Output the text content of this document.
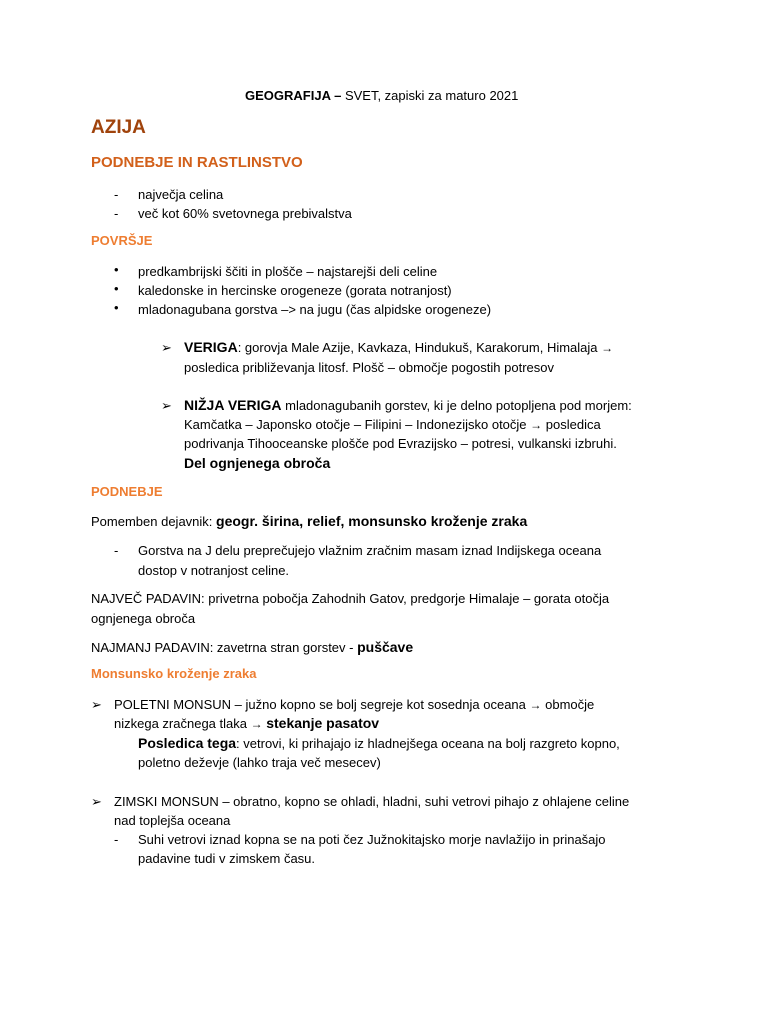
GEOGRAFIJA – SVET, zapiski za maturo 2021
AZIJA
PODNEBJE IN RASTLINSTVO
- največja celina
- več kot 60% svetovnega prebivalstva
POVRŠJE
• predkambrijski ščiti in plošče – najstarejši deli celine
• kaledonske in hercinske orogeneze (gorata notranjost)
• mladonagubana gorstva –> na jugu (čas alpidske orogeneze)
➢ VERIGA: gorovja Male Azije, Kavkaza, Hindukuš, Karakorum, Himalaja →
posledica približevanja litosf. Plošč – območje pogostih potresov
➢ NIŽJA VERIGA mladonagubanih gorstev, ki je delno potopljena pod morjem:
Kamčatka – Japonsko otočje – Filipini – Indonezijsko otočje → posledica
podrivanja Tihooceanske plošče pod Evrazijsko – potresi, vulkanski izbruhi.
Del ognjenega obroča
PODNEBJE
Pomemben dejavnik: geogr. širina, relief, monsunsko kroženje zraka
- Gorstva na J delu preprečujejo vlažnim zračnim masam iznad Indijskega oceana
dostop v notranjost celine.
NAJVEČ PADAVIN: privetrna pobočja Zahodnih Gatov, predgorje Himalaje – gorata otočja
ognjenega obroča
NAJMANJ PADAVIN: zavetrna stran gorstev - puščave
Monsunsko kroženje zraka
➢ POLETNI MONSUN – južno kopno se bolj segreje kot sosednja oceana → območje
nizkega zračnega tlaka → stekanje pasatov
Posledica tega: vetrovi, ki prihajajo iz hladnejšega oceana na bolj razgreto kopno,
poletno deževje (lahko traja več mesecev)
➢ ZIMSKI MONSUN – obratno, kopno se ohladi, hladni, suhi vetrovi pihajo z ohlajene celine
nad toplejša oceana
- Suhi vetrovi iznad kopna se na poti čez Južnokitajsko morje navlažijo in prinašajo
padavine tudi v zimskem času.
